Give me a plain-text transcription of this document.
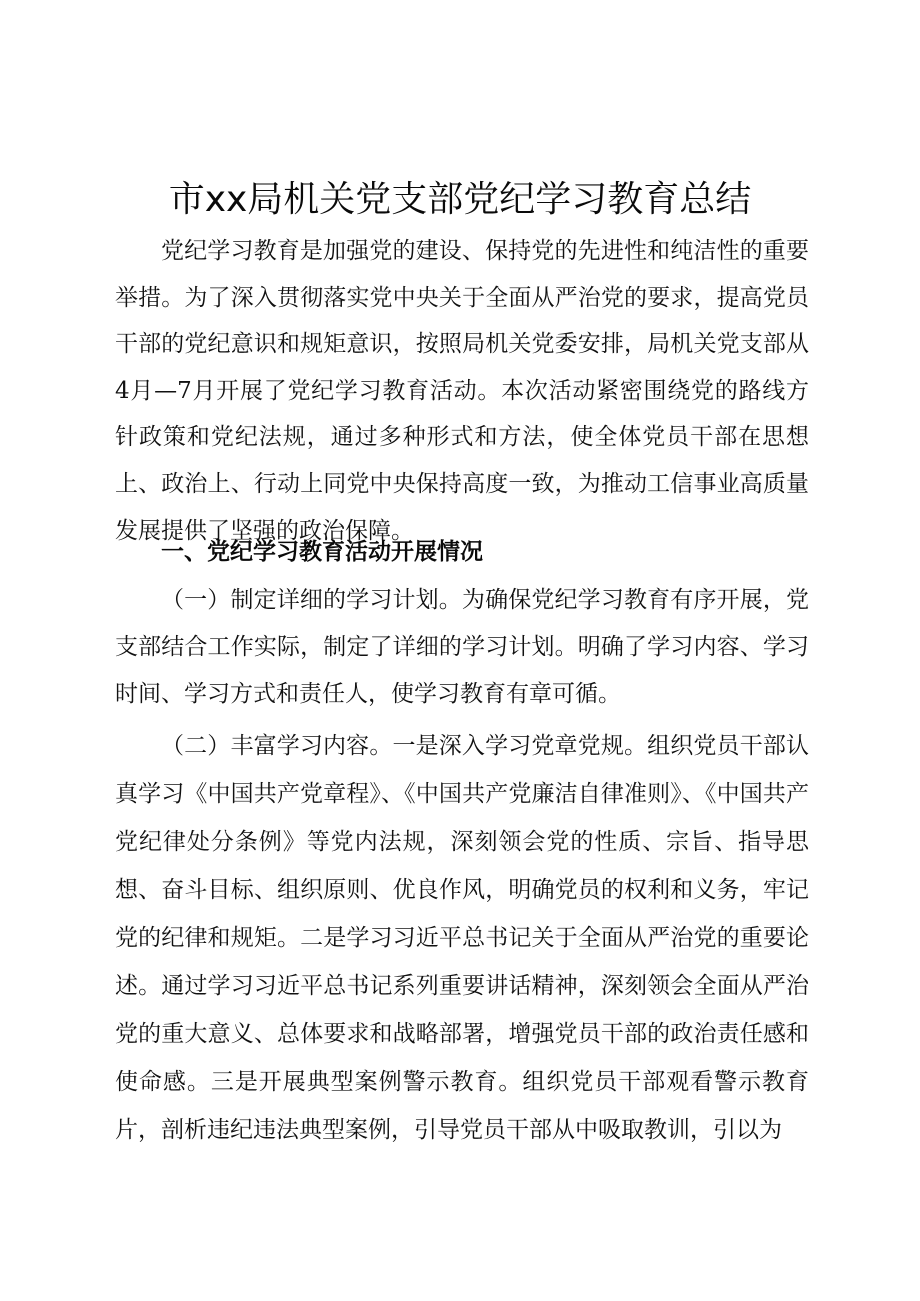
市xx局机关党支部党纪学习教育总结

党纪学习教育是加强党的建设、保持党的先进性和纯洁性的重要举措。为了深入贯彻落实党中央关于全面从严治党的要求，提高党员干部的党纪意识和规矩意识，按照局机关党委安排，局机关党支部从4月—7月开展了党纪学习教育活动。本次活动紧密围绕党的路线方针政策和党纪法规，通过多种形式和方法，使全体党员干部在思想上、政治上、行动上同党中央保持高度一致，为推动工信事业高质量发展提供了坚强的政治保障。

一、党纪学习教育活动开展情况

（一）制定详细的学习计划。为确保党纪学习教育有序开展，党支部结合工作实际，制定了详细的学习计划。明确了学习内容、学习时间、学习方式和责任人，使学习教育有章可循。

（二）丰富学习内容。一是深入学习党章党规。组织党员干部认真学习《中国共产党章程》、《中国共产党廉洁自律准则》、《中国共产党纪律处分条例》等党内法规，深刻领会党的性质、宗旨、指导思想、奋斗目标、组织原则、优良作风，明确党员的权利和义务，牢记党的纪律和规矩。二是学习习近平总书记关于全面从严治党的重要论述。通过学习习近平总书记系列重要讲话精神，深刻领会全面从严治党的重大意义、总体要求和战略部署，增强党员干部的政治责任感和使命感。三是开展典型案例警示教育。组织党员干部观看警示教育片，剖析违纪违法典型案例，引导党员干部从中吸取教训，引以为
